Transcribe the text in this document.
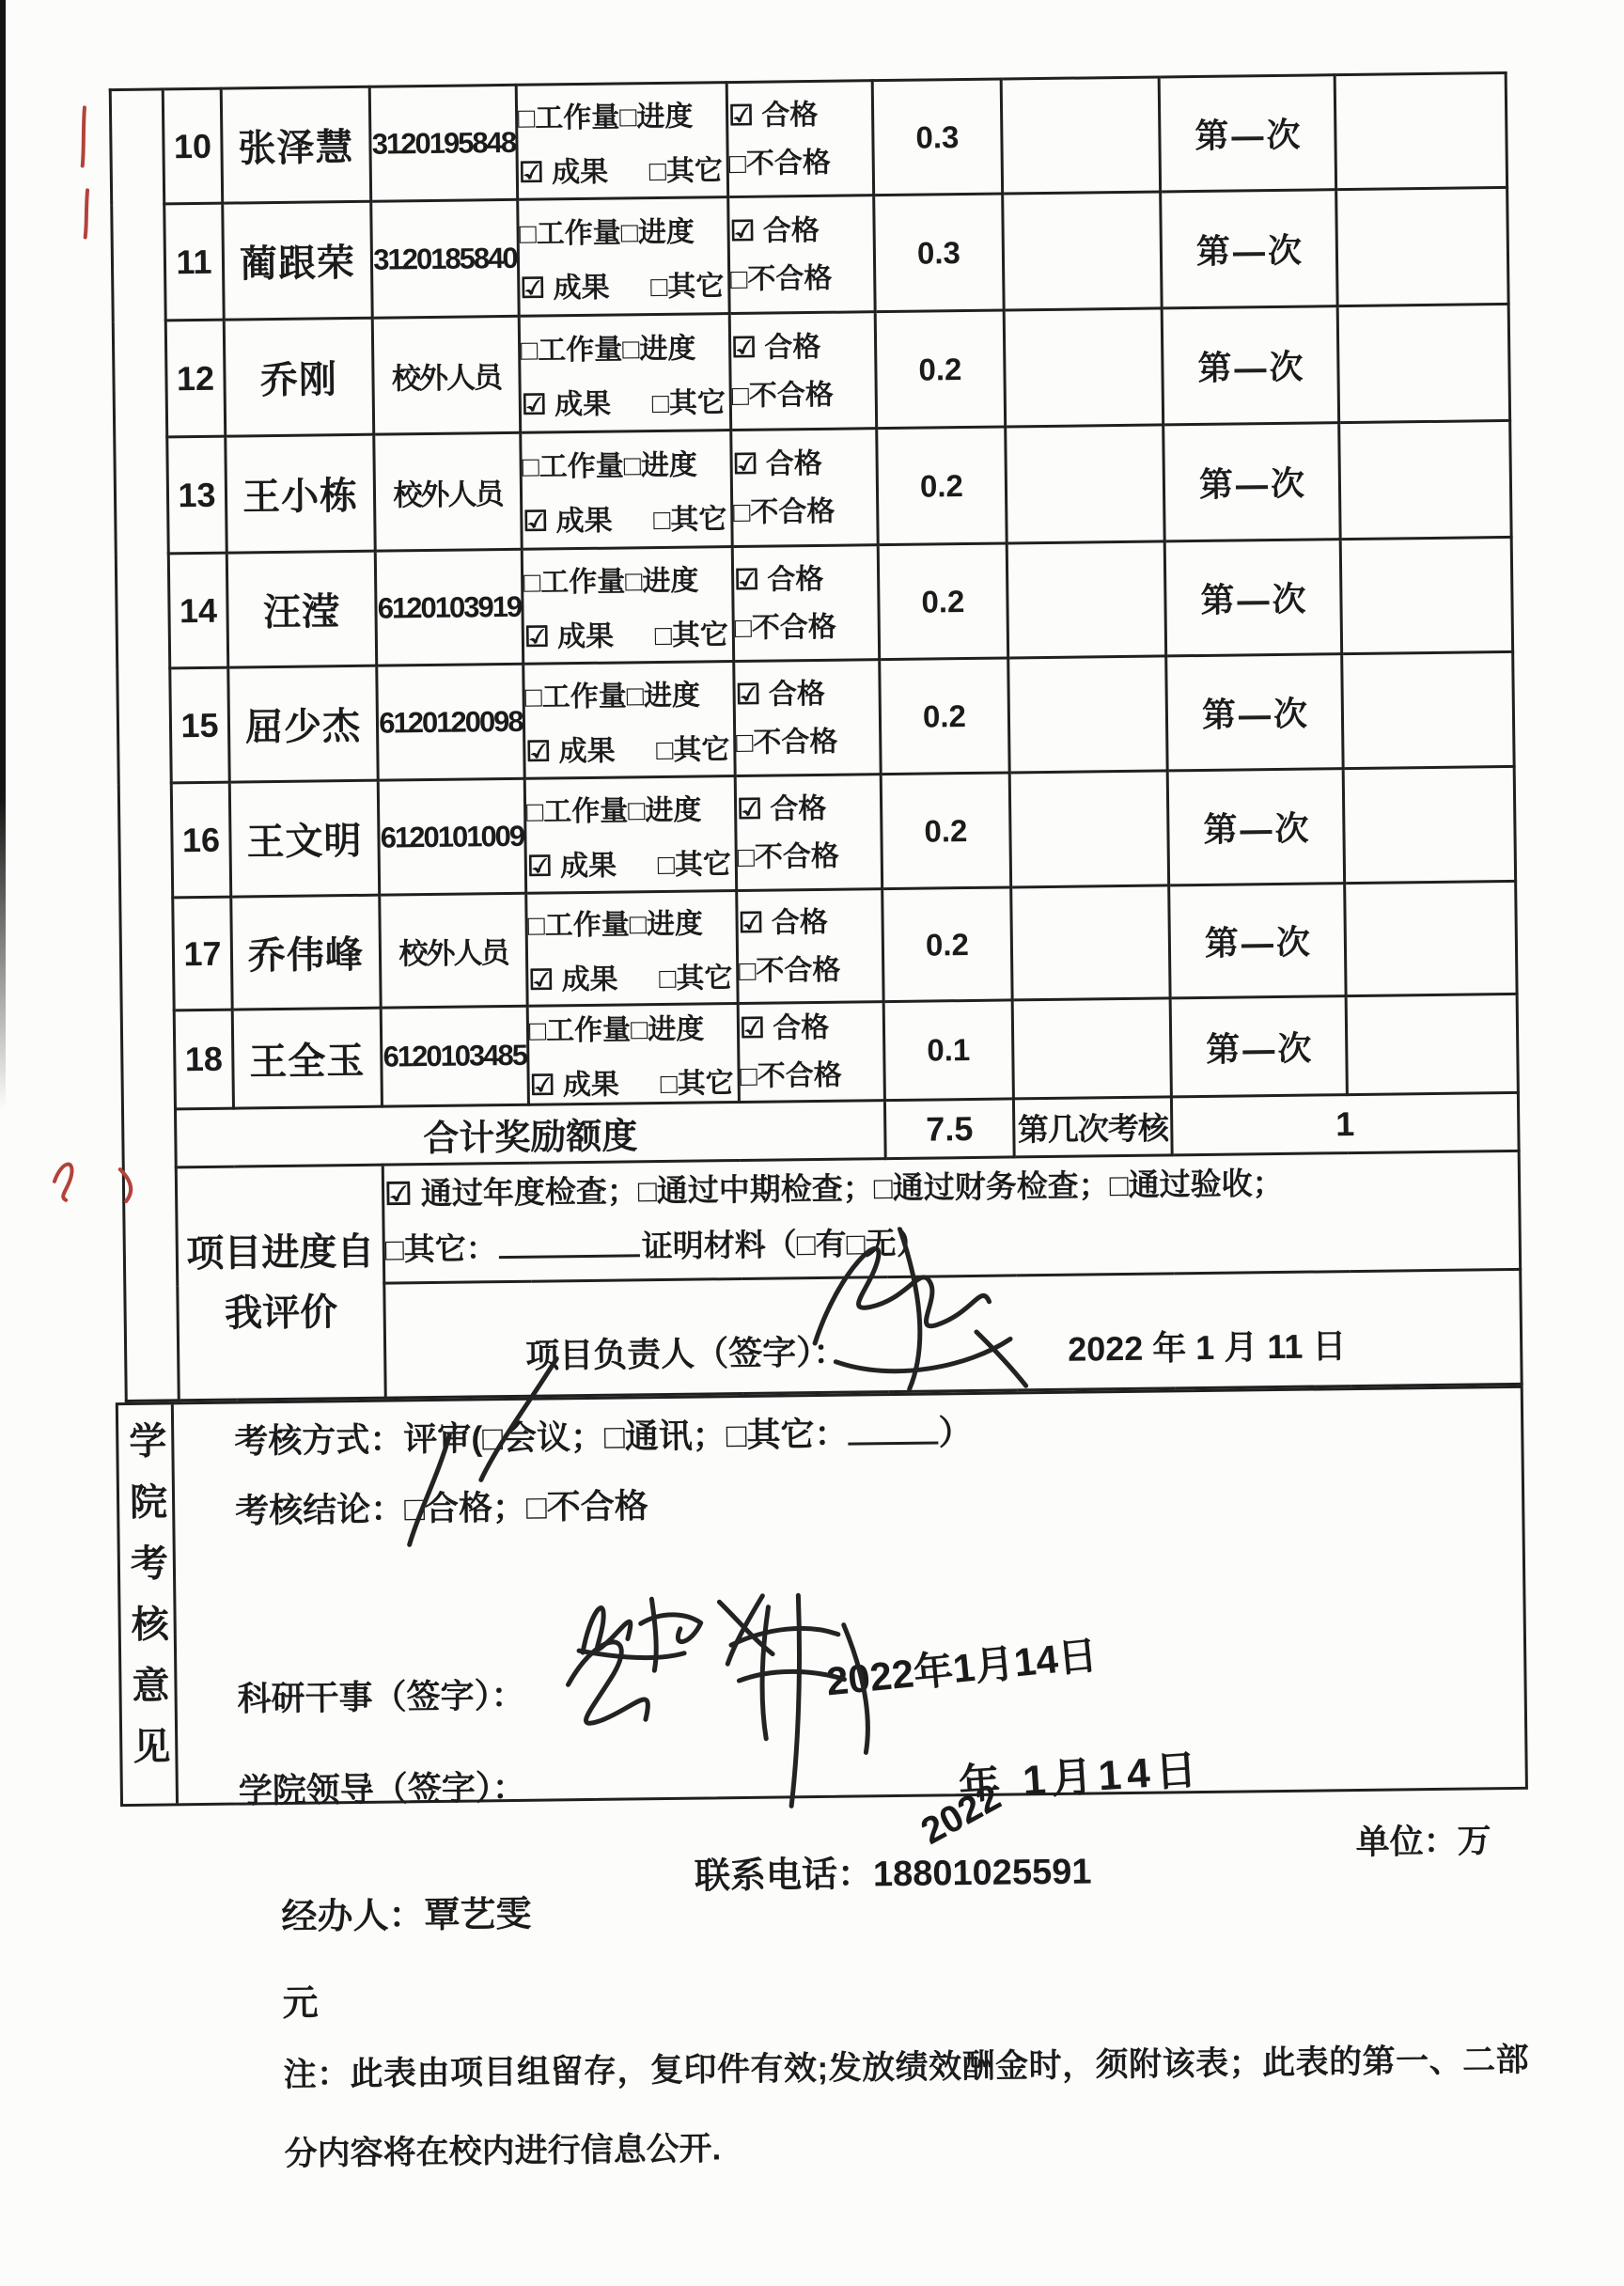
	10	张泽慧	3120195848	
□工作量□进度
☑ 成果 □其它

☑ 合格
□不合格
	0.3		第 次	
11	蔺跟荣	3120185840	
□工作量□进度
☑ 成果 □其它

☑ 合格
□不合格
	0.3		第 次	
12	乔刚	校外人员	
□工作量□进度
☑ 成果 □其它

☑ 合格
□不合格
	0.2		第 次	
13	王小栋	校外人员	
□工作量□进度
☑ 成果 □其它

☑ 合格
□不合格
	0.2		第 次	
14	汪滢	6120103919	
□工作量□进度
☑ 成果 □其它

☑ 合格
□不合格
	0.2		第 次	
15	屈少杰	6120120098	
□工作量□进度
☑ 成果 □其它

☑ 合格
□不合格
	0.2		第 次	
16	王文明	6120101009	
□工作量□进度
☑ 成果 □其它

☑ 合格
□不合格
	0.2		第 次	
17	乔伟峰	校外人员	
□工作量□进度
☑ 成果 □其它

☑ 合格
□不合格
	0.2		第 次	
18	王全玉	6120103485	
□工作量□进度
☑ 成果 □其它

☑ 合格
□不合格
	0.1		第 次	
	合计奖励额度					7.5	第几次考核	1	
	项目进度自我评价		☑ 通过年度检查；□通过中期检查；□通过财务检查；□通过验收；
□其它： 证明材料（□有□无）						

			项目负责人（签字）： 2022 年 1 月 11 日						
学院考核意见 考核方式：评审(□会议；□通讯；□其它：	）
考核结论：□合格；□不合格
科研干事（签字）：
学院领导（签字）：
2022年1月14日
年 1月14日
2022
经办人：覃艺雯
联系电话：18801025591
单位：万
元
注：此表由项目组留存，复印件有效;发放绩效酬金时，须附该表；此表的第一、二部
分内容将在校内进行信息公开.
